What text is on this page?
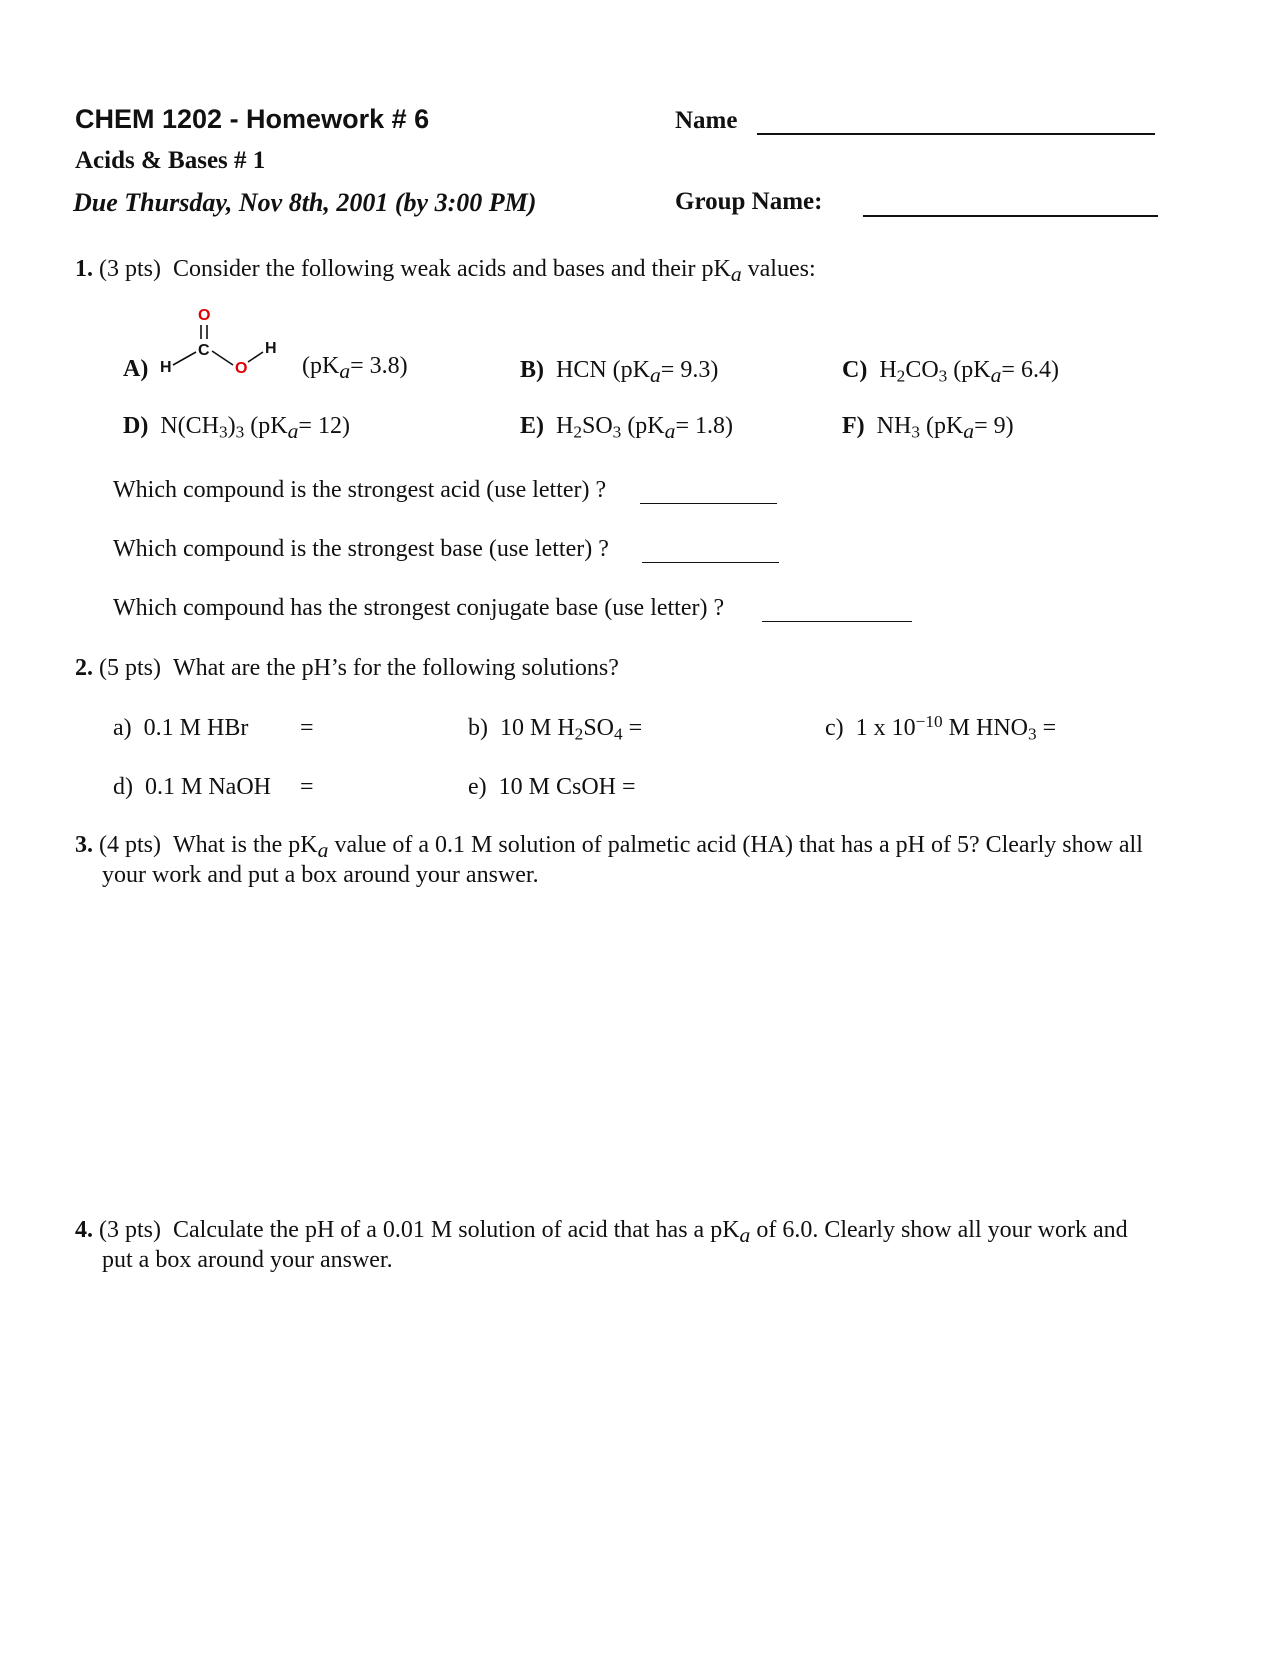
CHEM 1202 - Homework # 6
Acids & Bases # 1
Due Thursday, Nov 8th, 2001 (by 3:00 PM)
Name
Group Name:
1. (3 pts) Consider the following weak acids and bases and their pKa values:
H
C
O
O
H
A)	(pKa= 3.8)	B) HCN (pKa= 9.3)	C) $H_2CO_3$ (pKa= 6.4)
D) $N(CH_3)_3$ (pKa= 12)	E) $H_2SO_3$ (pKa= 1.8)	F) $NH_3$ (pKa= 9)
Which compound is the strongest acid (use letter) ?
Which compound is the strongest base (use letter) ?
Which compound has the strongest conjugate base (use letter) ?
2. (5 pts) What are the pH’s for the following solutions?
a) 0.1 M HBr =	b) 10 M $H_2SO_4$ =	c) 1 x $10^{-10}$ M $HNO_3$ =
d) 0.1 M NaOH =	e) 10 M CsOH =
3. (4 pts) What is the pKa value of a 0.1 M solution of palmetic acid (HA) that has a pH of 5? Clearly show all
your work and put a box around your answer.
4. (3 pts) Calculate the pH of a 0.01 M solution of acid that has a pKa of 6.0. Clearly show all your work and
put a box around your answer.
